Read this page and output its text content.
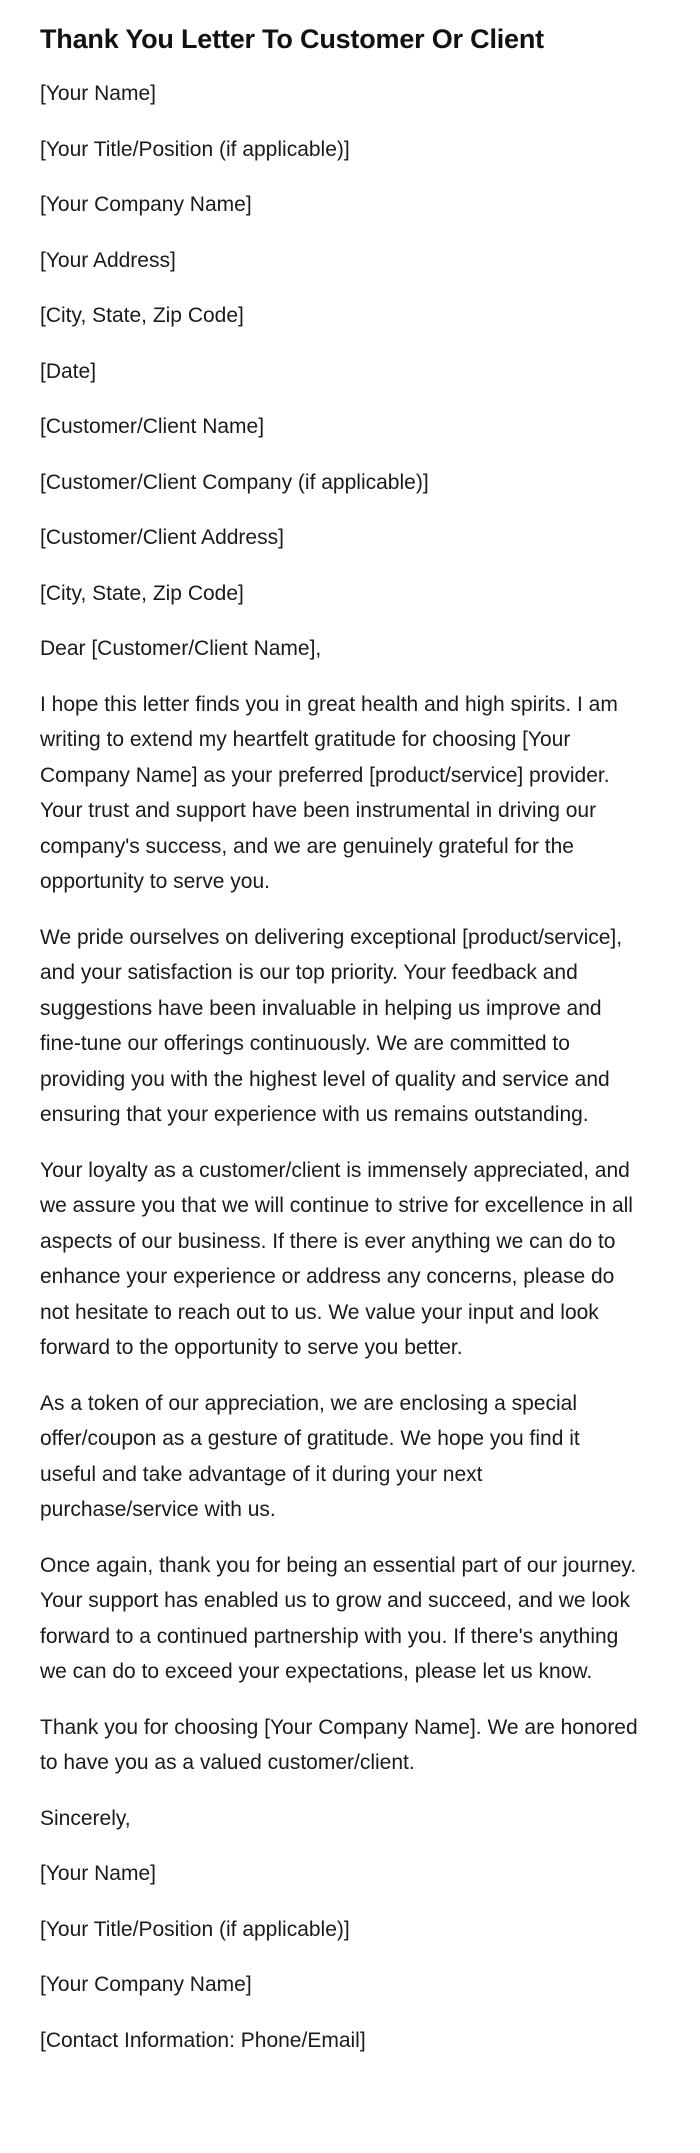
Thank You Letter To Customer Or Client

[Your Name]

[Your Title/Position (if applicable)]

[Your Company Name]

[Your Address]

[City, State, Zip Code]

[Date]

[Customer/Client Name]

[Customer/Client Company (if applicable)]

[Customer/Client Address]

[City, State, Zip Code]

Dear [Customer/Client Name],

I hope this letter finds you in great health and high spirits. I am writing to extend my heartfelt gratitude for choosing [Your Company Name] as your preferred [product/service] provider. Your trust and support have been instrumental in driving our company's success, and we are genuinely grateful for the opportunity to serve you.

We pride ourselves on delivering exceptional [product/service], and your satisfaction is our top priority. Your feedback and suggestions have been invaluable in helping us improve and fine-tune our offerings continuously. We are committed to providing you with the highest level of quality and service and ensuring that your experience with us remains outstanding.

Your loyalty as a customer/client is immensely appreciated, and we assure you that we will continue to strive for excellence in all aspects of our business. If there is ever anything we can do to enhance your experience or address any concerns, please do not hesitate to reach out to us. We value your input and look forward to the opportunity to serve you better.

As a token of our appreciation, we are enclosing a special offer/coupon as a gesture of gratitude. We hope you find it useful and take advantage of it during your next purchase/service with us.

Once again, thank you for being an essential part of our journey. Your support has enabled us to grow and succeed, and we look forward to a continued partnership with you. If there's anything we can do to exceed your expectations, please let us know.

Thank you for choosing [Your Company Name]. We are honored to have you as a valued customer/client.

Sincerely,

[Your Name]

[Your Title/Position (if applicable)]

[Your Company Name]

[Contact Information: Phone/Email]
